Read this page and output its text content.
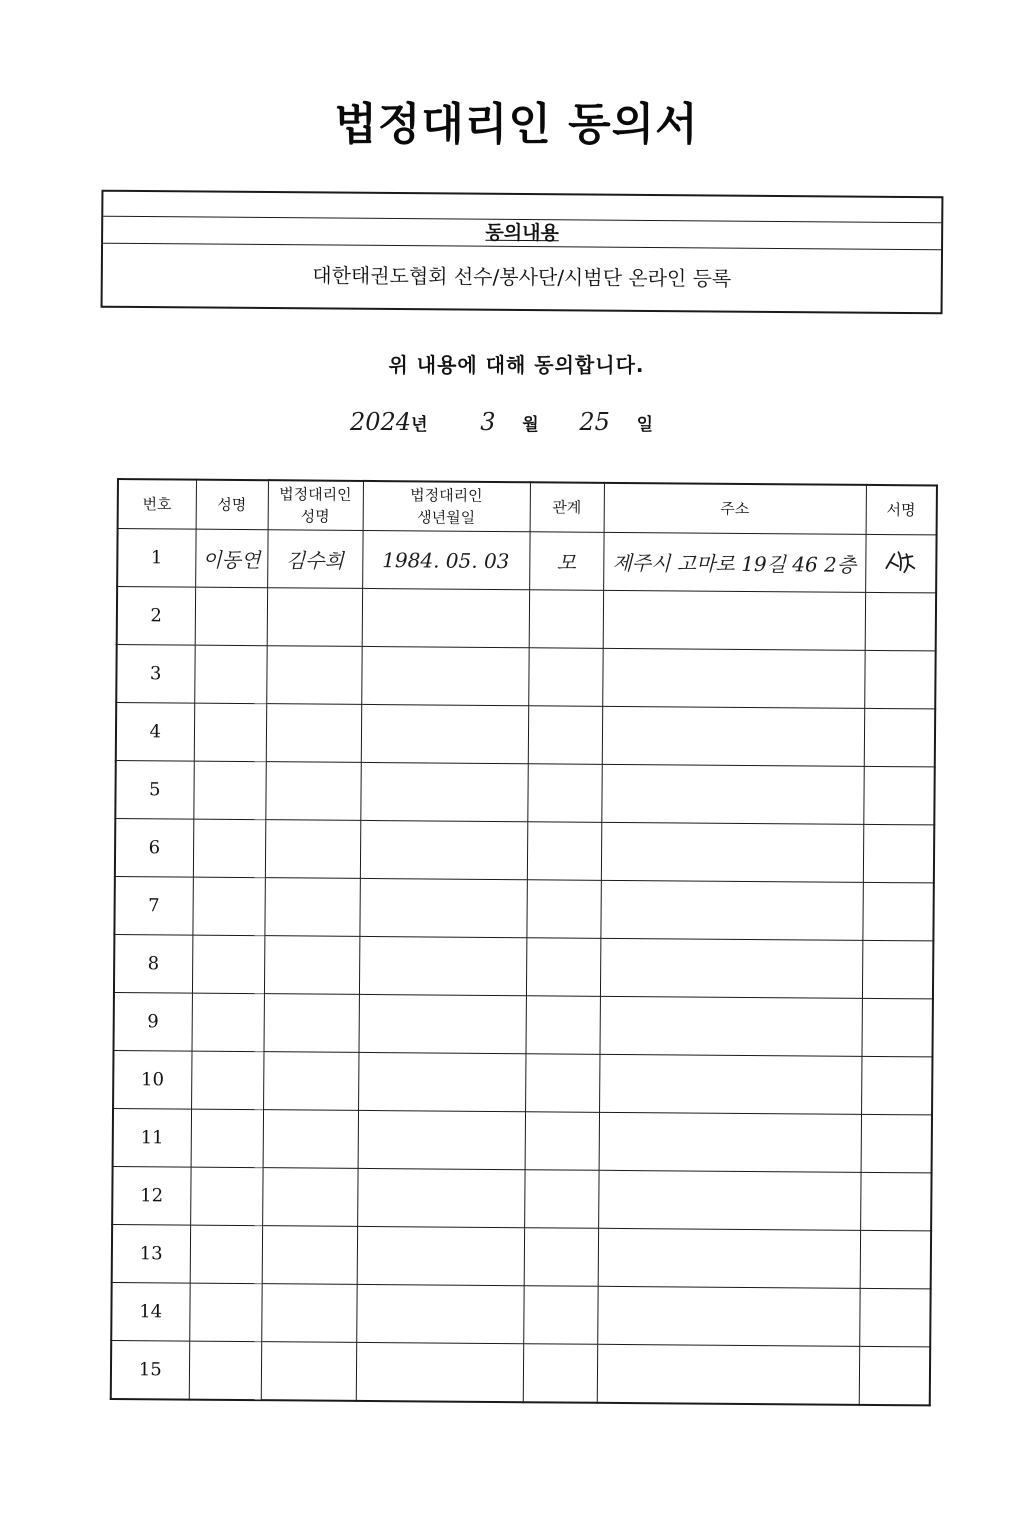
법정대리인 동의서
동의내용
대한태권도협회 선수/봉사단/시범단 온라인 등록
위 내용에 대해 동의합니다.
2024년 3 월 25 일
번호	성명	법정대리인 성명	법정대리인 생년월일	관계	주소	서명
1	이동연	김수희	1984. 05. 03	모	제주시 고마로 19길 46 2층	
2						
3						
4						
5						
6						
7						
8						
9						
10						
11						
12						
13						
14						
15						
